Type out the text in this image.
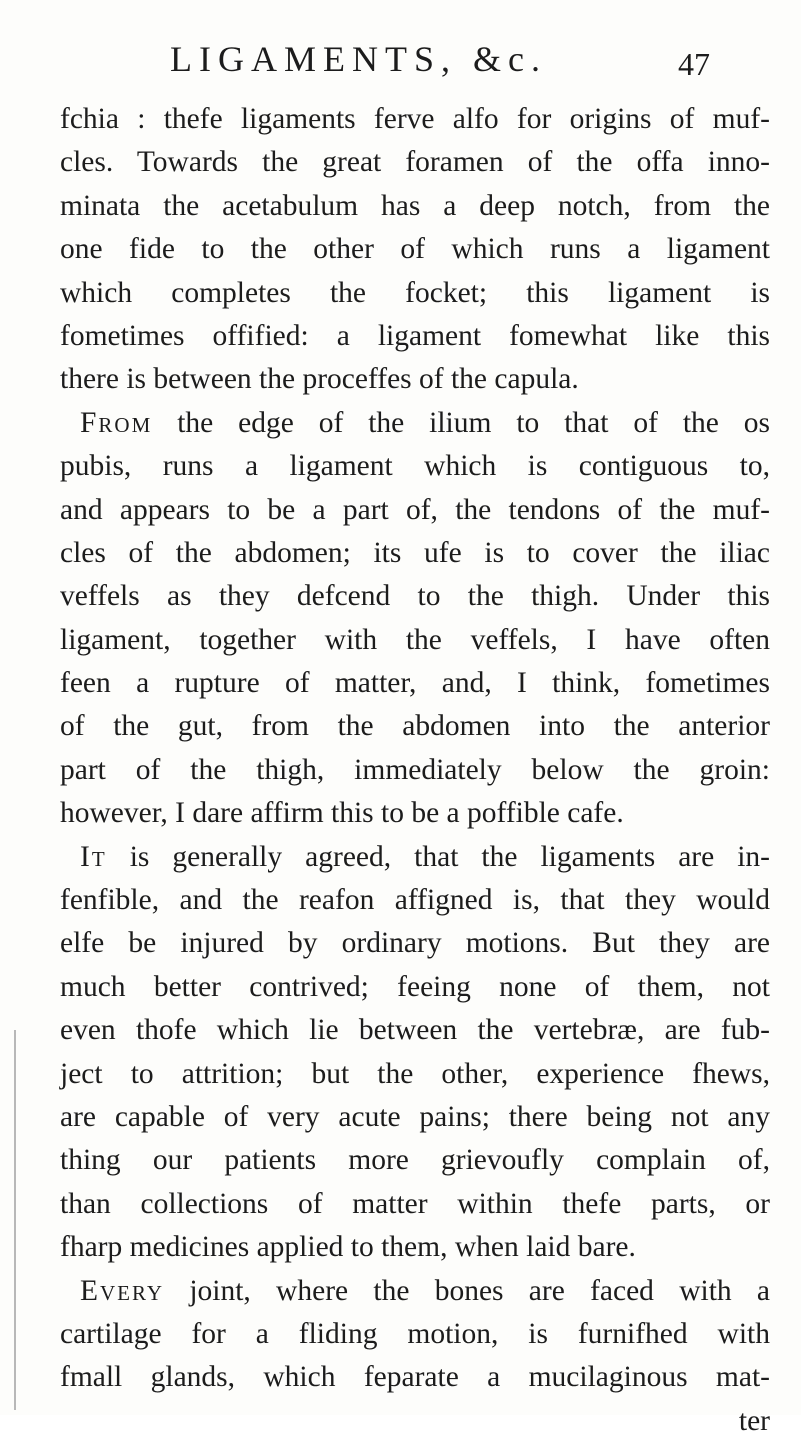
LIGAMENTS, &c.	47
fchia : thefe ligaments ferve alfo for origins of muf-
cles. Towards the great foramen of the offa inno-
minata the acetabulum has a deep notch, from the
one fide to the other of which runs a ligament
which completes the focket; this ligament is
fometimes offified: a ligament fomewhat like this
there is between the proceffes of the capula.
From the edge of the ilium to that of the os
pubis, runs a ligament which is contiguous to,
and appears to be a part of, the tendons of the muf-
cles of the abdomen; its ufe is to cover the iliac
veffels as they defcend to the thigh. Under this
ligament, together with the veffels, I have often
feen a rupture of matter, and, I think, fometimes
of the gut, from the abdomen into the anterior
part of the thigh, immediately below the groin:
however, I dare affirm this to be a poffible cafe.
It is generally agreed, that the ligaments are in-
fenfible, and the reafon affigned is, that they would
elfe be injured by ordinary motions. But they are
much better contrived; feeing none of them, not
even thofe which lie between the vertebræ, are fub-
ject to attrition; but the other, experience fhews,
are capable of very acute pains; there being not any
thing our patients more grievoufly complain of,
than collections of matter within thefe parts, or
fharp medicines applied to them, when laid bare.
Every joint, where the bones are faced with a
cartilage for a fliding motion, is furnifhed with
fmall glands, which feparate a mucilaginous mat-
ter
